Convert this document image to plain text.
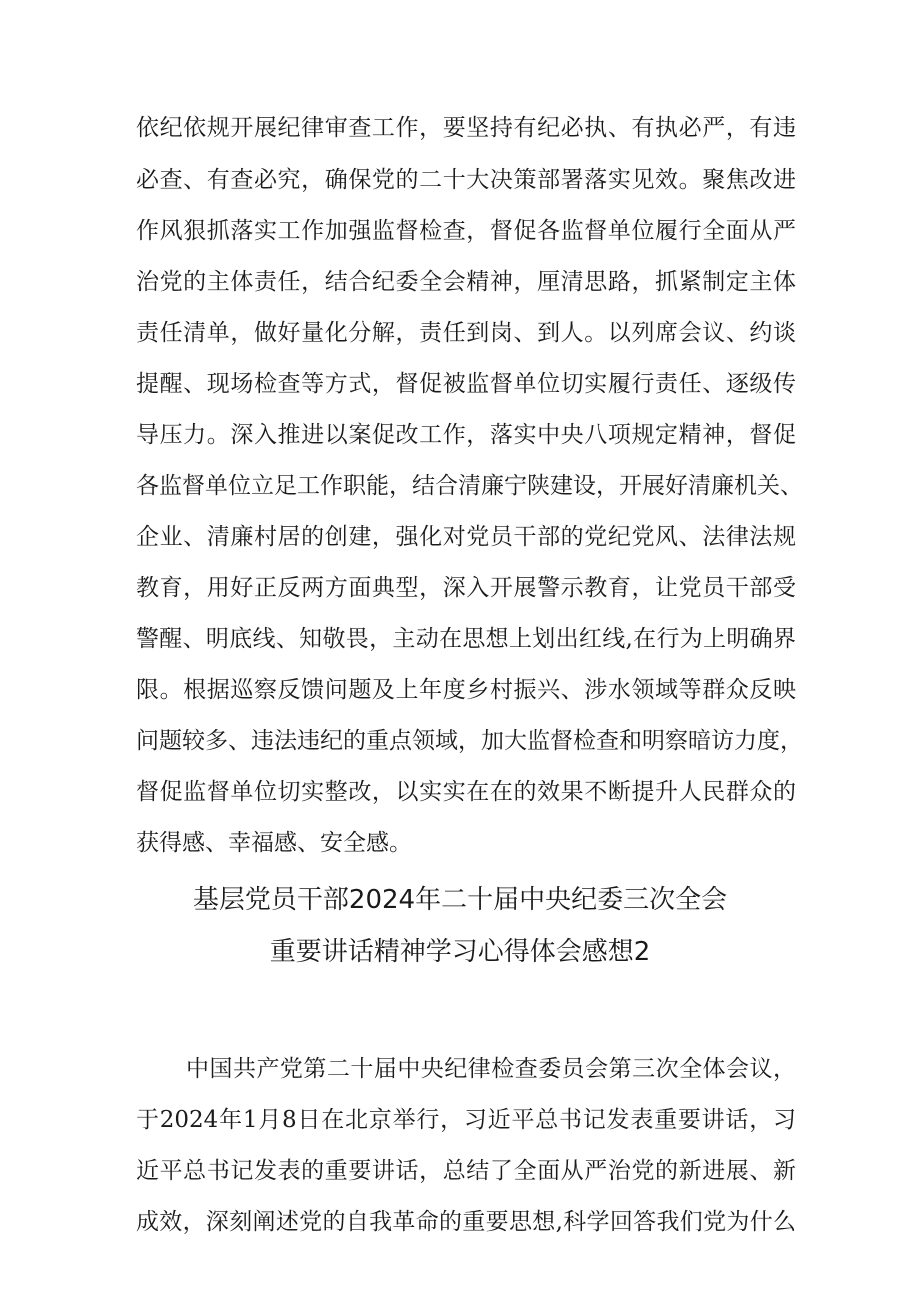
依纪依规开展纪律审查工作，要坚持有纪必执、有执必严，有违
必查、有查必究，确保党的二十大决策部署落实见效。聚焦改进
作风狠抓落实工作加强监督检查，督促各监督单位履行全面从严
治党的主体责任，结合纪委全会精神，厘清思路，抓紧制定主体
责任清单，做好量化分解，责任到岗、到人。以列席会议、约谈
提醒、现场检查等方式，督促被监督单位切实履行责任、逐级传
导压力。深入推进以案促改工作，落实中央八项规定精神，督促
各监督单位立足工作职能，结合清廉宁陕建设，开展好清廉机关、
企业、清廉村居的创建，强化对党员干部的党纪党风、法律法规
教育，用好正反两方面典型，深入开展警示教育，让党员干部受
警醒、明底线、知敬畏，主动在思想上划出红线,在行为上明确界
限。根据巡察反馈问题及上年度乡村振兴、涉水领域等群众反映
问题较多、违法违纪的重点领域，加大监督检查和明察暗访力度，
督促监督单位切实整改，以实实在在的效果不断提升人民群众的
获得感、幸福感、安全感。
基层党员干部2024年二十届中央纪委三次全会
重要讲话精神学习心得体会感想2
中国共产党第二十届中央纪律检查委员会第三次全体会议，
于2024年1月8日在北京举行，习近平总书记发表重要讲话，习
近平总书记发表的重要讲话，总结了全面从严治党的新进展、新
成效，深刻阐述党的自我革命的重要思想,科学回答我们党为什么
